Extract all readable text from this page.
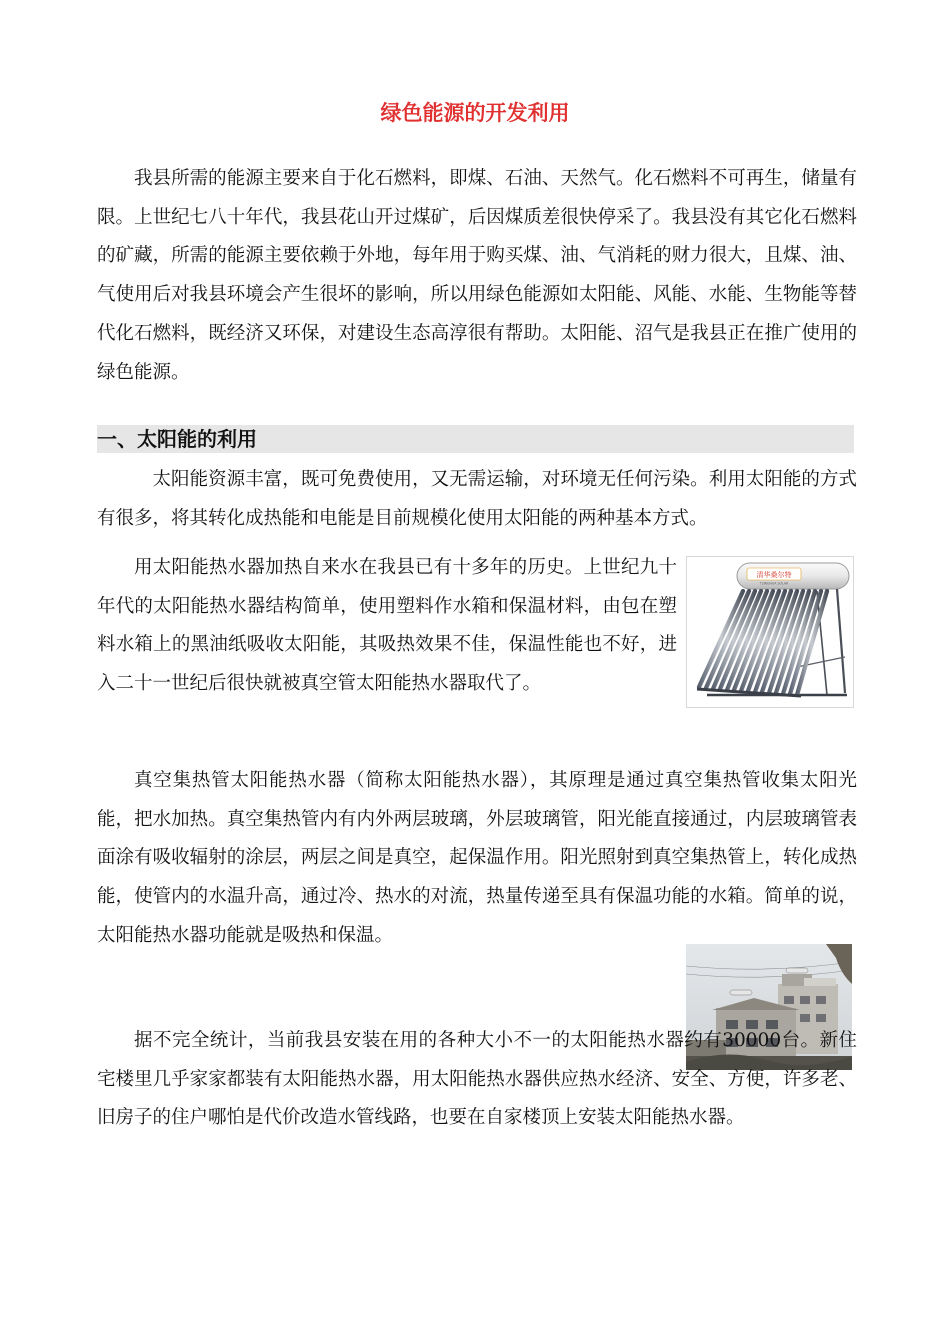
绿色能源的开发利用

我县所需的能源主要来自于化石燃料，即煤、石油、天然气。化石燃料不可再生，储量有限。上世纪七八十年代，我县花山开过煤矿，后因煤质差很快停采了。我县没有其它化石燃料的矿藏，所需的能源主要依赖于外地，每年用于购买煤、油、气消耗的财力很大，且煤、油、气使用后对我县环境会产生很坏的影响，所以用绿色能源如太阳能、风能、水能、生物能等替代化石燃料，既经济又环保，对建设生态高淳很有帮助。太阳能、沼气是我县正在推广使用的绿色能源。

一、太阳能的利用

太阳能资源丰富，既可免费使用，又无需运输，对环境无任何污染。利用太阳能的方式有很多，将其转化成热能和电能是目前规模化使用太阳能的两种基本方式。

用太阳能热水器加热自来水在我县已有十多年的历史。上世纪九十年代的太阳能热水器结构简单，使用塑料作水箱和保温材料，由包在塑料水箱上的黑油纸吸收太阳能，其吸热效果不佳，保温性能也不好，进入二十一世纪后很快就被真空管太阳能热水器取代了。

清华桑尔特
TSINGHUA SOLAR

真空集热管太阳能热水器（简称太阳能热水器），其原理是通过真空集热管收集太阳光能，把水加热。真空集热管内有内外两层玻璃，外层玻璃管，阳光能直接通过，内层玻璃管表面涂有吸收辐射的涂层，两层之间是真空，起保温作用。阳光照射到真空集热管上，转化成热能，使管内的水温升高，通过冷、热水的对流，热量传递至具有保温功能的水箱。简单的说，太阳能热水器功能就是吸热和保温。

据不完全统计，当前我县安装在用的各种大小不一的太阳能热水器约有30000台。新住宅楼里几乎家家都装有太阳能热水器，用太阳能热水器供应热水经济、安全、方便，许多老、旧房子的住户哪怕是代价改造水管线路，也要在自家楼顶上安装太阳能热水器。
